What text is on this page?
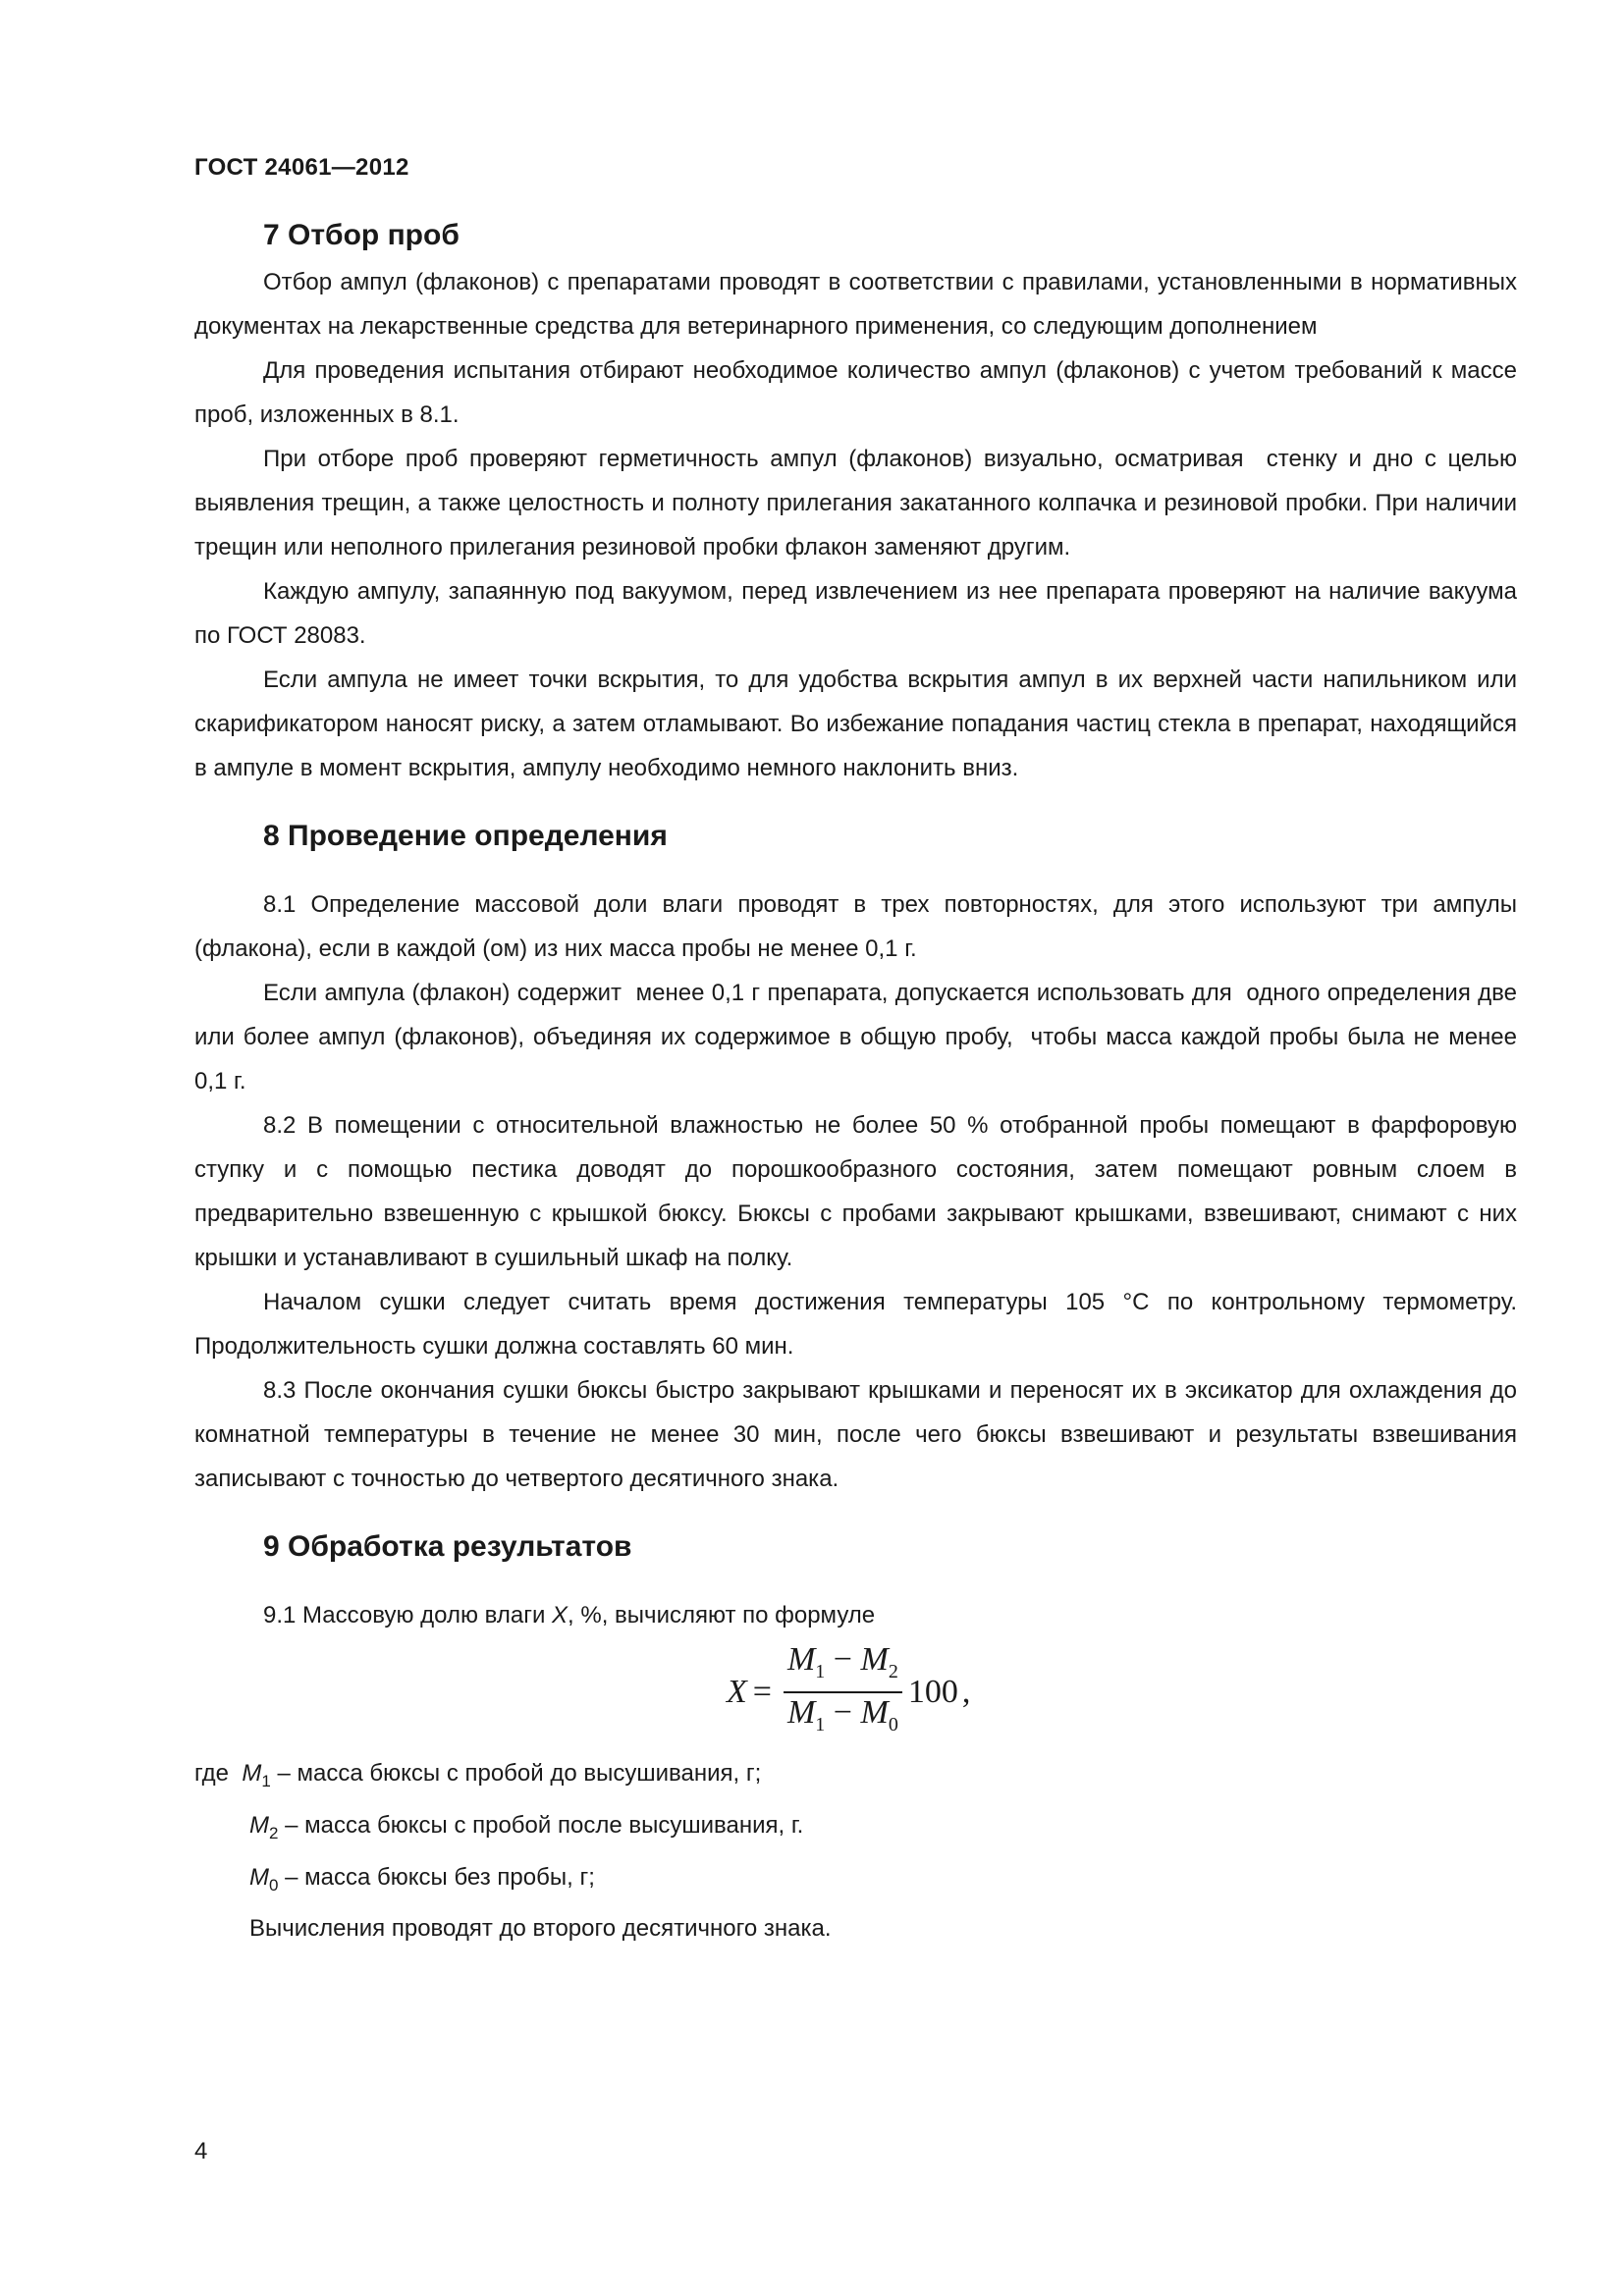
ГОСТ 24061—2012
7 Отбор проб

Отбор ампул (флаконов) с препаратами проводят в соответствии с правилами, установленными в нормативных документах на лекарственные средства для ветеринарного применения, со следующим дополнением

Для проведения испытания отбирают необходимое количество ампул (флаконов) с учетом требований к массе проб, изложенных в 8.1.

При отборе проб проверяют герметичность ампул (флаконов) визуально, осматривая  стенку и дно с целью выявления трещин, а также целостность и полноту прилегания закатанного колпачка и резиновой пробки. При наличии трещин или неполного прилегания резиновой пробки флакон заменяют другим.

Каждую ампулу, запаянную под вакуумом, перед извлечением из нее препарата проверяют на наличие вакуума по ГОСТ 28083.

Если ампула не имеет точки вскрытия, то для удобства вскрытия ампул в их верхней части напильником или скарификатором наносят риску, а затем отламывают. Во избежание попадания частиц стекла в препарат, находящийся в ампуле в момент вскрытия, ампулу необходимо немного наклонить вниз.

8 Проведение определения

8.1 Определение массовой доли влаги проводят в трех повторностях, для этого используют три ампулы (флакона), если в каждой (ом) из них масса пробы не менее 0,1 г.

Если ампула (флакон) содержит  менее 0,1 г препарата, допускается использовать для  одного определения две или более ампул (флаконов), объединяя их содержимое в общую пробу,  чтобы масса каждой пробы была не менее 0,1 г.

8.2 В помещении с относительной влажностью не более 50 % отобранной пробы помещают в фарфоровую ступку и с помощью пестика доводят до порошкообразного состояния, затем помещают ровным слоем в предварительно взвешенную с крышкой бюксу. Бюксы с пробами закрывают крышками, взвешивают, снимают с них крышки и устанавливают в сушильный шкаф на полку.

Началом сушки следует считать время достижения температуры 105 °С по контрольному термометру. Продолжительность сушки должна составлять 60 мин.

8.3 После окончания сушки бюксы быстро закрывают крышками и переносят их в эксикатор для охлаждения до комнатной температуры в течение не менее 30 мин, после чего бюксы взвешивают и результаты взвешивания записывают с точностью до четвертого десятичного знака.

9 Обработка результатов

9.1 Массовую долю влаги X, %, вычисляют по формуле

$X = \frac{M_1 - M_2}{M_1 - M_0} 100$ ,
где $M_1$ – масса бюксы с пробой до высушивания, г;
$M_2$ – масса бюксы с пробой после высушивания, г.
$M_0$ – масса бюксы без пробы, г;
Вычисления проводят до второго десятичного знака.
4
